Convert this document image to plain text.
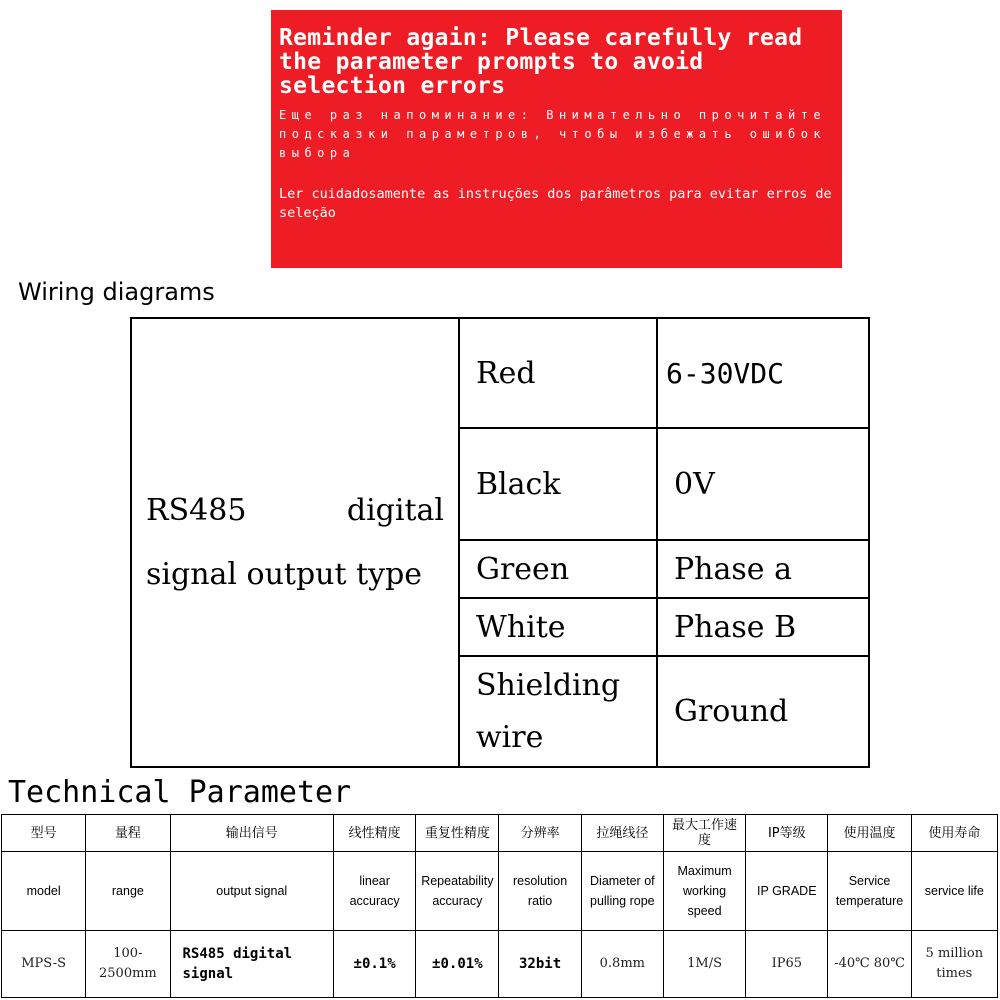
Reminder again: Please carefully read the parameter prompts to avoid selection errors
Еще раз напоминание: Внимательно прочитайте подсказки параметров, чтобы избежать ошибок выбора
Ler cuidadosamente as instruções dos parâmetros para evitar erros de seleção
Wiring diagrams
RS485 digital signal output type	Red	6-30VDC
	Black	0V
	Green	Phase a
	White	Phase B
	Shielding wire	Ground
Technical Parameter
型号	量程	输出信号	线性精度	重复性精度	分辨率	拉绳线径	最大工作速度	IP等级	使用温度	使用寿命
model	range	output signal	linear accuracy	Repeatability accuracy	resolution ratio	Diameter of pulling rope	Maximum working speed	IP GRADE	Service temperature	service life
MPS-S	100-2500mm	RS485 digital signal	±0.1%	±0.01%	32bit	0.8mm	1M/S	IP65	-40℃ 80℃	5 million times
